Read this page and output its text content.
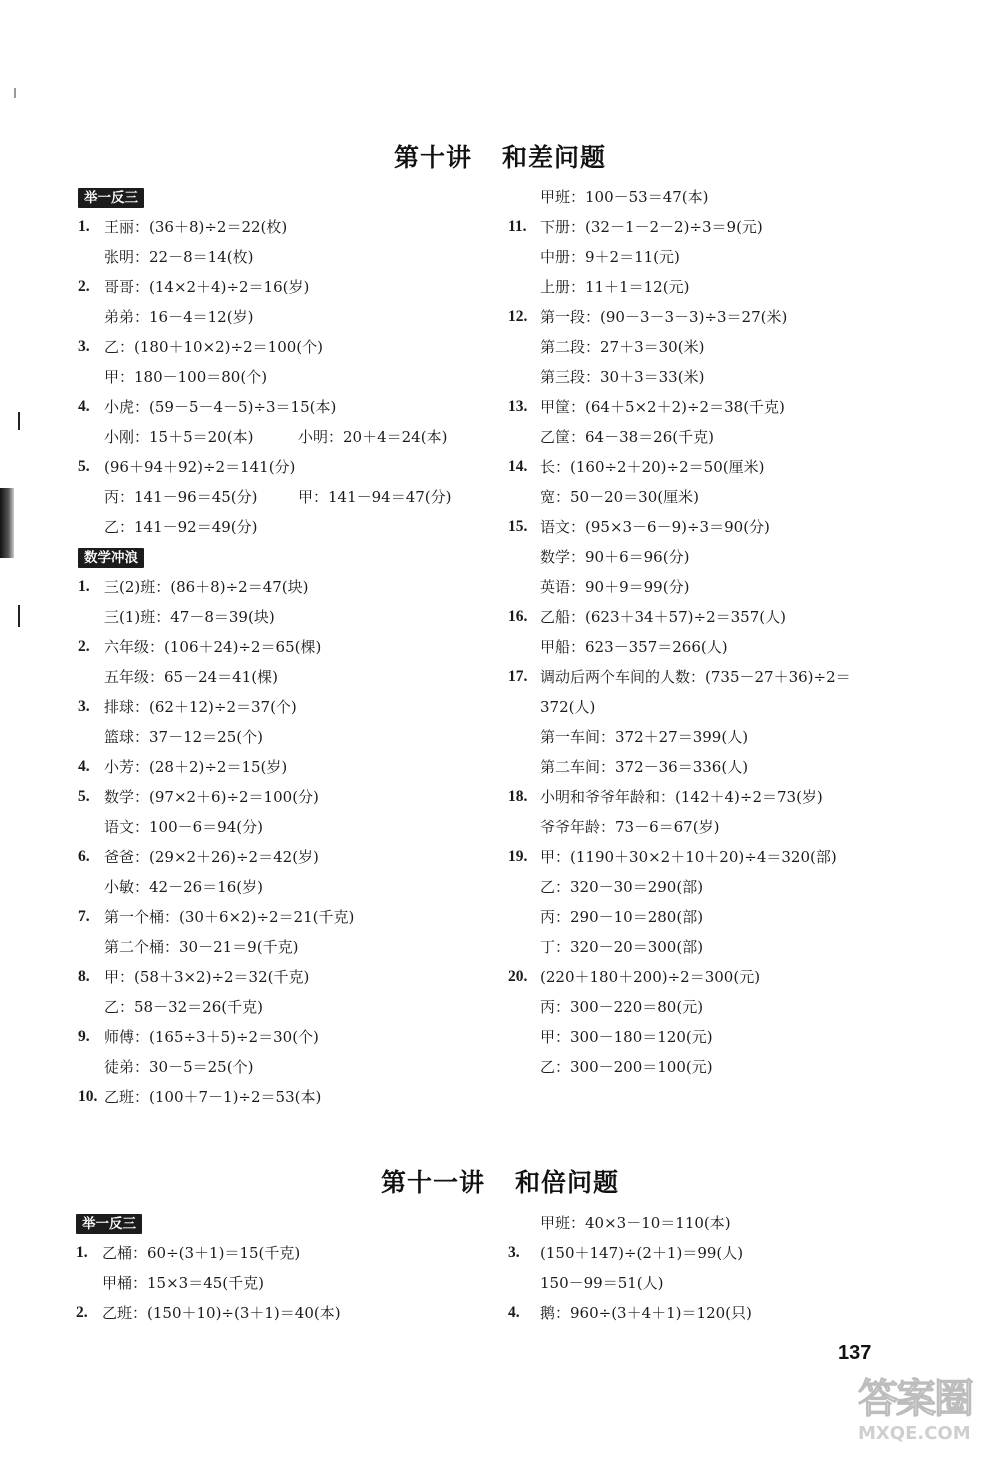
第十讲 和差问题
举一反三
1. 王丽：(36＋8)÷2＝22(枚)
张明：22－8＝14(枚)
2. 哥哥：(14×2＋4)÷2＝16(岁)
弟弟：16－4＝12(岁)
3. 乙：(180＋10×2)÷2＝100(个)
甲：180－100＝80(个)
4. 小虎：(59－5－4－5)÷3＝15(本)
小刚：15＋5＝20(本)	小明：20＋4＝24(本)
5. (96＋94＋92)÷2＝141(分)
丙：141－96＝45(分)	甲：141－94＝47(分)
乙：141－92＝49(分)
数学冲浪
1. 三(2)班：(86＋8)÷2＝47(块)
三(1)班：47－8＝39(块)
2. 六年级：(106＋24)÷2＝65(棵)
五年级：65－24＝41(棵)
3. 排球：(62＋12)÷2＝37(个)
篮球：37－12＝25(个)
4. 小芳：(28＋2)÷2＝15(岁)
5. 数学：(97×2＋6)÷2＝100(分)
语文：100－6＝94(分)
6. 爸爸：(29×2＋26)÷2＝42(岁)
小敏：42－26＝16(岁)
7. 第一个桶：(30＋6×2)÷2＝21(千克)
第二个桶：30－21＝9(千克)
8. 甲：(58＋3×2)÷2＝32(千克)
乙：58－32＝26(千克)
9. 师傅：(165÷3＋5)÷2＝30(个)
徒弟：30－5＝25(个)
10. 乙班：(100＋7－1)÷2＝53(本)
甲班：100－53＝47(本)
11. 下册：(32－1－2－2)÷3＝9(元)
中册：9＋2＝11(元)
上册：11＋1＝12(元)
12. 第一段：(90－3－3－3)÷3＝27(米)
第二段：27＋3＝30(米)
第三段：30＋3＝33(米)
13. 甲筐：(64＋5×2＋2)÷2＝38(千克)
乙筐：64－38＝26(千克)
14. 长：(160÷2＋20)÷2＝50(厘米)
宽：50－20＝30(厘米)
15. 语文：(95×3－6－9)÷3＝90(分)
数学：90＋6＝96(分)
英语：90＋9＝99(分)
16. 乙船：(623＋34＋57)÷2＝357(人)
甲船：623－357＝266(人)
17. 调动后两个车间的人数：(735－27＋36)÷2＝
372(人)
第一车间：372＋27＝399(人)
第二车间：372－36＝336(人)
18. 小明和爷爷年龄和：(142＋4)÷2＝73(岁)
爷爷年龄：73－6＝67(岁)
19. 甲：(1190＋30×2＋10＋20)÷4＝320(部)
乙：320－30＝290(部)
丙：290－10＝280(部)
丁：320－20＝300(部)
20. (220＋180＋200)÷2＝300(元)
丙：300－220＝80(元)
甲：300－180＝120(元)
乙：300－200＝100(元)
第十一讲 和倍问题
举一反三
1. 乙桶：60÷(3＋1)＝15(千克)
甲桶：15×3＝45(千克)
2. 乙班：(150＋10)÷(3＋1)＝40(本)
甲班：40×3－10＝110(本)
3. (150＋147)÷(2＋1)＝99(人)
150－99＝51(人)
4. 鹅：960÷(3＋4＋1)＝120(只)
137
答案圈
MXQE.COM
